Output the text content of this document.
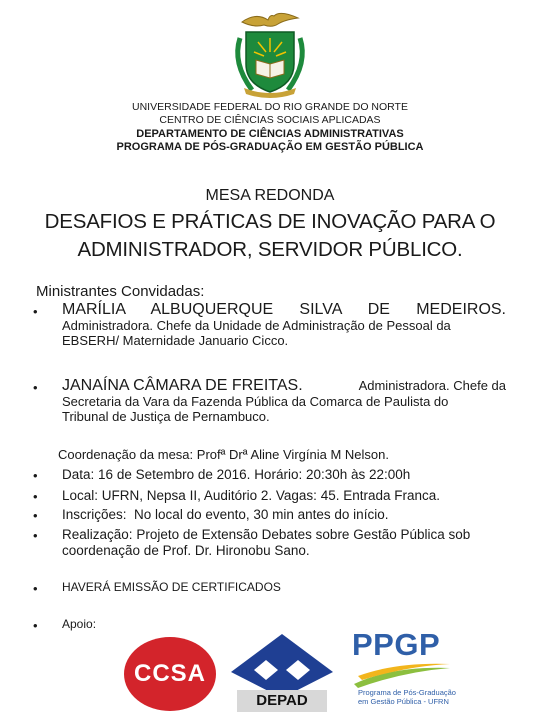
UNIVERSIDADE FEDERAL DO RIO GRANDE DO NORTE
CENTRO DE CIÊNCIAS SOCIAIS APLICADAS
DEPARTAMENTO DE CIÊNCIAS ADMINISTRATIVAS
PROGRAMA DE PÓS-GRADUAÇÃO EM GESTÃO PÚBLICA
MESA REDONDA
DESAFIOS E PRÁTICAS DE INOVAÇÃO PARA O
ADMINISTRADOR, SERVIDOR PÚBLICO.
Ministrantes Convidadas:
• MARÍLIA ALBUQUERQUE SILVA DE MEDEIROS.
Administradora. Chefe da Unidade de Administração de Pessoal da
EBSERH/ Maternidade Januario Cicco.
• JANAÍNA CÂMARA DE FREITAS.	Administradora. Chefe da
Secretaria da Vara da Fazenda Pública da Comarca de Paulista do
Tribunal de Justiça de Pernambuco.
Coordenação da mesa: Profª Drª Aline Virgínia M Nelson.
• Data: 16 de Setembro de 2016. Horário: 20:30h às 22:00h
• Local: UFRN, Nepsa II, Auditório 2. Vagas: 45. Entrada Franca.
• Inscrições: No local do evento, 30 min antes do início.
• Realização: Projeto de Extensão Debates sobre Gestão Pública sob
coordenação de Prof. Dr. Hironobu Sano.
• HAVERÁ EMISSÃO DE CERTIFICADOS
• Apoio:
CCSA
DEPAD
PPGP
Programa de Pós-Graduação
em Gestão Pública - UFRN
